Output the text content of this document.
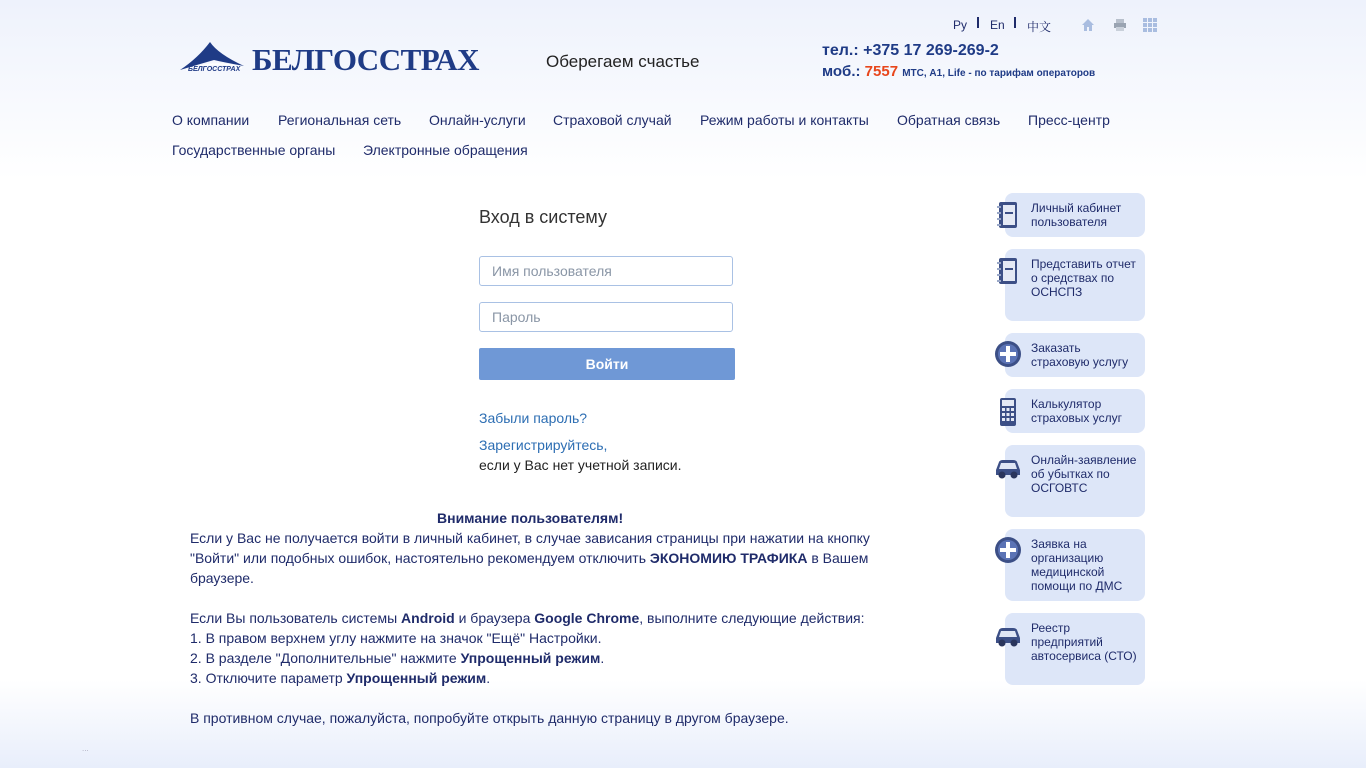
БЕЛГОССТРАХ
БЕЛГОССТРАХ	Оберегаем счастье
Ру En 中文
тел.: +375 17 269-269-2
моб.: 7557 МТС, А1, Life - по тарифам операторов
О компании Региональная сеть Онлайн-услуги Страховой случай Режим работы и контакты Обратная связь Пресс-центр
Государственные органы Электронные обращения
Вход в систему
Имя пользователя
Войти
Забыли пароль?
Зарегистрируйтесь,
если у Вас нет учетной записи.
Внимание пользователям!
Если у Вас не получается войти в личный кабинет, в случае зависания страницы при нажатии на кнопку "Войти" или подобных ошибок, настоятельно рекомендуем отключить ЭКОНОМИЮ ТРАФИКА в Вашем браузере.
Если Вы пользователь системы Android и браузера Google Chrome, выполните следующие действия:
1. В правом верхнем углу нажмите на значок "Ещё" Настройки.
2. В разделе "Дополнительные" нажмите Упрощенный режим.
3. Отключите параметр Упрощенный режим.
В противном случае, пожалуйста, попробуйте открыть данную страницу в другом браузере.
Личный кабинет пользователя
Представить отчет о средствах по ОСНСПЗ
Заказать страховую услугу
Калькулятор страховых услуг
Онлайн-заявление об убытках по ОСГОВТС
Заявка на организацию медицинской помощи по ДМС
Реестр предприятий автосервиса (СТО)
...
